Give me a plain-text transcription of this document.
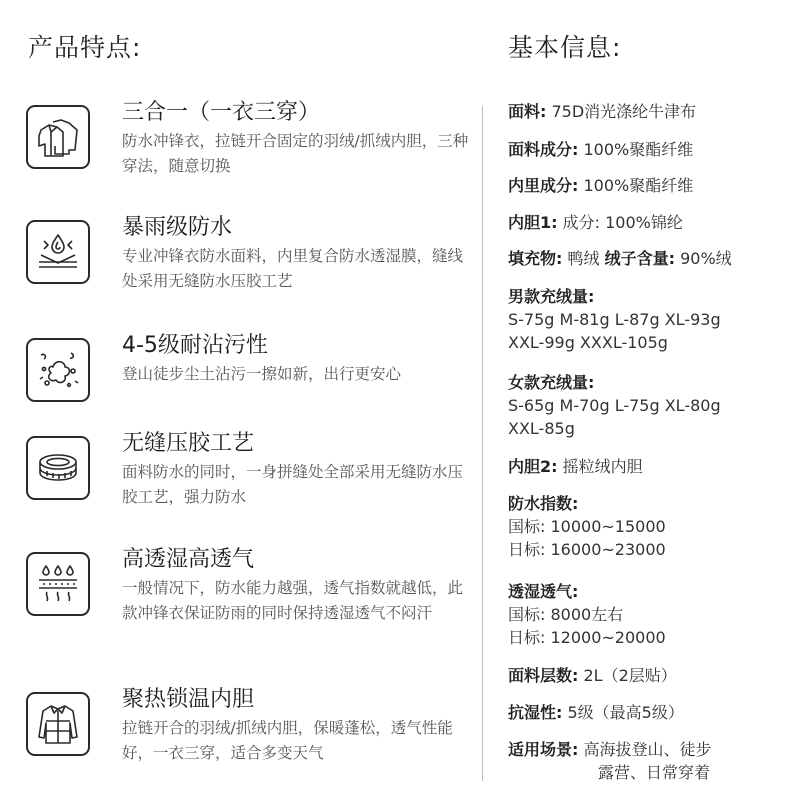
产品特点:	基本信息:
三合一（一衣三穿）
防水冲锋衣，拉链开合固定的羽绒/抓绒内胆，三种穿法，随意切换
暴雨级防水
专业冲锋衣防水面料，内里复合防水透湿膜，缝线处采用无缝防水压胶工艺
4-5级耐沾污性
登山徒步尘土沾污一擦如新，出行更安心
无缝压胶工艺
面料防水的同时，一身拼缝处全部采用无缝防水压胶工艺，强力防水
高透湿高透气
一般情况下，防水能力越强，透气指数就越低，此款冲锋衣保证防雨的同时保持透湿透气不闷汗
聚热锁温内胆
拉链开合的羽绒/抓绒内胆，保暖蓬松，透气性能好，一衣三穿，适合多变天气
面料: 75D消光涤纶牛津布
面料成分: 100%聚酯纤维
内里成分: 100%聚酯纤维
内胆1: 成分: 100%锦纶
填充物: 鸭绒 绒子含量: 90%绒
男款充绒量:
S-75g M-81g L-87g XL-93g
XXL-99g XXXL-105g
女款充绒量:
S-65g M-70g L-75g XL-80g
XXL-85g
内胆2: 摇粒绒内胆
防水指数:
国标: 10000~15000
日标: 16000~23000
透湿透气:
国标: 8000左右
日标: 12000~20000
面料层数: 2L（2层贴）
抗湿性: 5级（最高5级）
适用场景: 高海拔登山、徒步
露营、日常穿着
